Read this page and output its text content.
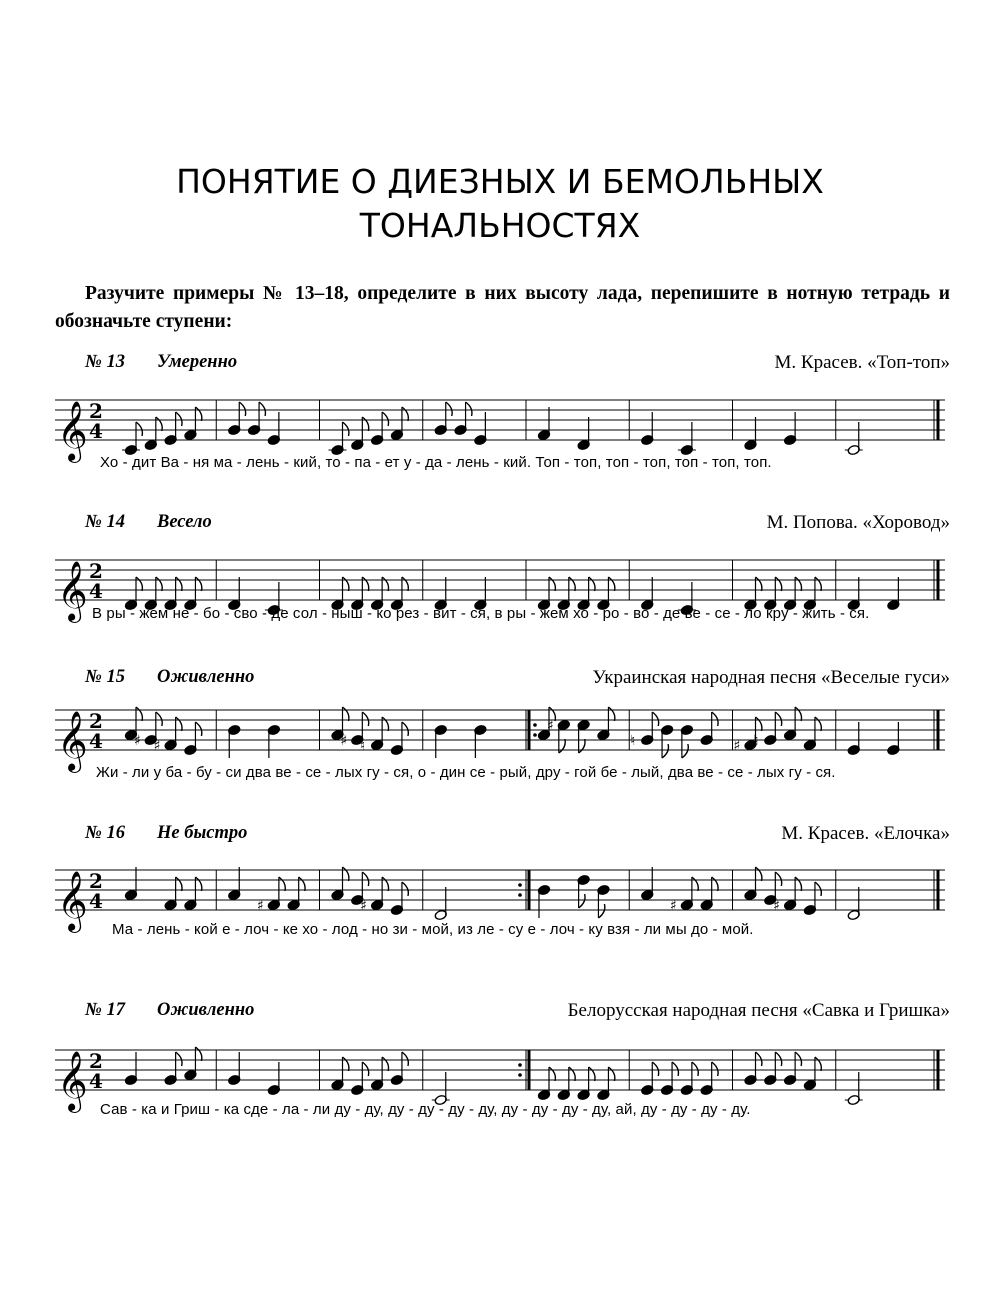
ПОНЯТИЕ О ДИЕЗНЫХ И БЕМОЛЬНЫХ
ТОНАЛЬНОСТЯХ

Разучите примеры № 13–18, определите в них высоту лада, перепишите в нотную тетрадь и обозначьте ступени:

№ 13 Умеренно	М. Красев. «Топ-топ»
𝄞 2
4
Хо - дит Ва - ня ма - лень - кий, то - па - ет у - да - лень - кий. Топ - топ, топ - топ, топ - топ, топ.
№ 14 Весело	М. Попова. «Хоровод»
𝄞 2
4
В ры - жем не - бо - сво - де сол - ныш - ко рез - вит - ся, в ры - жем хо - ро - во - де ве - се - ло кру - жить - ся.
№ 15 Оживленно	Украинская народная песня «Веселые гуси»
𝄞 2
4 ♯ ♯	♯ ♮
♯
♮	♯ ♮
Жи - ли у ба - бу - си два ве - се - лых гу - ся, о - дин се - рый, дру - гой бе - лый, два ве - се - лых гу - ся.
№ 16 Не быстро	М. Красев. «Елочка»
𝄞 2
4	♯	♯	♯	♯
Ма - лень - кой е - лоч - ке хо - лод - но зи - мой, из ле - су е - лоч - ку взя - ли мы до - мой.
№ 17 Оживленно	Белорусская народная песня «Савка и Гришка»
𝄞 2
4
Сав - ка и Гриш - ка сде - ла - ли ду - ду, ду - ду - ду - ду, ду - ду - ду - ду, ай, ду - ду - ду - ду.
